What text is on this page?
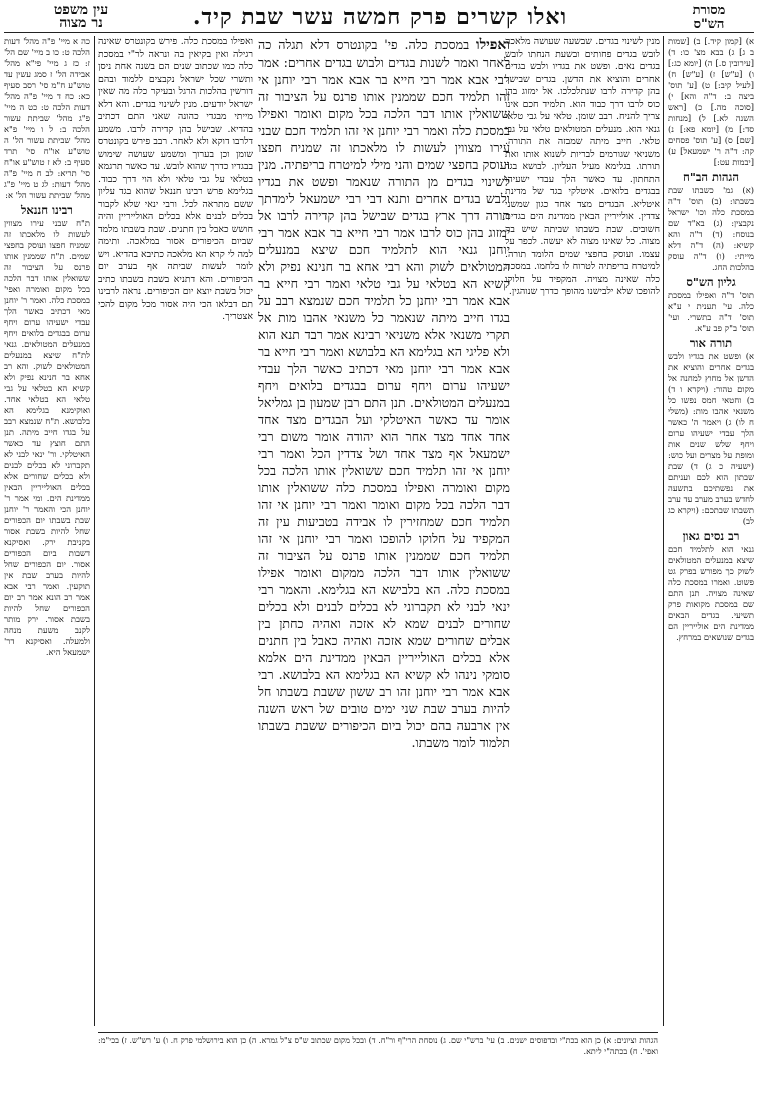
מסורת
הש"ס
ואלו קשרים פרק חמשה עשר שבת קיד.
עין משפט
נר מצוה

א) [קמון קיד.] ב) [שמות ב ג] ג) בבא מצ' כו: ד) [עירובין ס.] ה) [יומא כג:] ו) [ע"ש] ז) [ע"ש] ח) [לעיל קיב:] ט) [ע' תוס' ביצה ב: ד"ה והא] י) [סוכה מה.] כ) [ראש השנה לא.] ל) [מנחות סד:] מ) [יומא פא:] נ) [שם] ס) [ע' תוס' פסחים קה: ד"ה ר' ישמעאל] ע) [יבמות עט:]

הגהות הב"ח

(א) גמ' כשבתו שבת בשבתו: (ב) תוס' ד"ה במסכת כלה וכו' ישראל נקבצין: (ג) בא"ד שם בנוסח: (ד) ד"ה והא קשיא: (ה) ד"ה דלא מייתי: (ו) ד"ה עוסק בהלכות החג.

גליון הש"ס

תוס' ד"ה ואפילו במסכת כלה. עי' תענית י ע"א תוס' ד"ה בתשרי. ועי' תוס' ב"ק פב ע"א.

תורה אור

א) ופשט את בגדיו ולבש בגדים אחרים והוציא את הדשן אל מחוץ למחנה אל מקום טהור: (ויקרא ו ד) ב) וחטאי חמס נפשו כל משנאי אהבו מות: (משלי ח לו) ג) ויאמר ה' כאשר הלך עבדי ישעיהו ערום ויחף שלש שנים אות ומופת על מצרים ועל כוש: (ישעיה כ ג) ד) שבת שבתון הוא לכם ועניתם את נפשתיכם בתשעה לחדש בערב מערב עד ערב תשבתו שבתכם: (ויקרא כג לב)

רב נסים גאון

גנאי הוא לתלמיד חכם שיצא במנעלים המטולאים לשוק כך מפורש בפרק גט פשוט. ואמרו במסכת כלה שאינה מצויה. תנן התם שם במסכת מקואות פרק תשיעי. בגדים הבאים ממדינת הים אולייריין הם בגדים שנושאים במרחץ.

מנין לשינוי בגדים. שבשעה שעושה מלאכה לובש בגדים פחותים ובשעת הנחתו לובש בגדים נאים. ופשט את בגדיו ולבש בגדים אחרים והוציא את הדשן. בגדים שבישל בהן קדירה לרבו שנתלכלכו. אל ימזוג בהן כוס לרבו דרך כבוד הוא. תלמיד חכם אינו צריך להניח. רבב שומן. טלאי על גבי טלאי גנאי הוא. מנעלים המטולאים טלאי על גבי טלאי. חייב מיתה שמבזה את התורה. משניאי שגורמים לבריות לשנוא אותו ואת תורתו. בגלימא מעיל העליון. לבושא בגד התחתון. עד כאשר הלך עבדי ישעיהו בבגדים בלואים. איטלקי בגד של מדינת איטליא. הבגדים מצד אחד כגון שמשני צדדין. אולייריין הבאין ממדינת הים בגדים חשובים. שבת בשבתו שביתה שיש בה מצוה. כל שאינו מצוה לא יעשה. לכפר על עצמו. ועוסק בחפצי שמים הלומד תורה. למיטרח בריפתיה לטרוח לו בלחמו. במסכת כלה שאינה מצויה. המקפיד על חלוקו להופכו שלא ילבישנו מהופך כדרך שנוהגין.

ואפילו במסכת כלה. פי' בקונטרס דלא תגלה כה לאחר ואמר לשנות בגדים ולבוש בגדים אחרים: אמר רבי אבא אמר רבי חייא בר אבא אמר רבי יוחנן אי זהו תלמיד חכם שממנין אותו פרנס על הציבור זה ששואלין אותו דבר הלכה בכל מקום ואומר ואפילו במסכת כלה ואמר רבי יוחנן אי זהו תלמיד חכם שבני עירו מצווין לעשות לו מלאכתו זה שמניח חפצו ועוסק בחפצי שמים והני מילי למיטרח בריפתיה. מנין לשינוי בגדים מן התורה שנאמר ופשט את בגדיו ולבש בגדים אחרים ותנא דבי רבי ישמעאל לימדתך תורה דרך ארץ בגדים שבישל בהן קדירה לרבו אל ימזוג בהן כוס לרבו אמר רבי חייא בר אבא אמר רבי יוחנן גנאי הוא לתלמיד חכם שיצא במנעלים המטולאים לשוק והא רבי אחא בר חנינא נפיק ולא קשיא הא בטלאי על גבי טלאי ואמר רבי חייא בר אבא אמר רבי יוחנן כל תלמיד חכם שנמצא רבב על בגדו חייב מיתה שנאמר כל משנאי אהבו מות אל תקרי משנאי אלא משניאי רבינא אמר רבד תנא הוא ולא פליגי הא בגלימא הא בלבושא ואמר רבי חייא בר אבא אמר רבי יוחנן מאי דכתיב כאשר הלך עבדי ישעיהו ערום ויחף ערום בבגדים בלואים ויחף במנעלים המטולאים. תנן התם רבן שמעון בן גמליאל אומר עד כאשר האיטלקי ועל הבגדים מצד אחד אחד אחד מצד אחר הוא יהודה אומר משום רבי ישמעאל אף מצד אחד ושל צדדין הכל ואמר רבי יוחנן אי זהו תלמיד חכם ששואלין אותו הלכה בכל מקום ואומרה ואפילו במסכת כלה ששואלין אותו דבר הלכה בכל מקום ואומר ואמר רבי יוחנן אי זהו תלמיד חכם שמחזירין לו אבידה בטביעות עין זה המקפיד על חלוקו להופכו ואמר רבי יוחנן אי זהו תלמיד חכם שממנין אותו פרנס על הציבור זה ששואלין אותו דבר הלכה ממקום ואומר אפילו במסכת כלה. הא בלבישא הא בגלימא. והאמר רבי ינאי לבני לא תקברוני לא בכלים לבנים ולא בכלים שחורים לבנים שמא לא אזכה ואהיה כחתן בין אבלים שחורים שמא אזכה ואהיה כאבל בין חתנים אלא בכלים האולייריין הבאין ממדינת הים אלמא סומקי נינהו לא קשיא הא בגלימא הא בלבושא. רבי אבא אמר רבי יוחנן זהו רב ששון ששבת בשבתו חל להיות בערב שבת שני ימים טובים של ראש השנה אין ארבעה בהם יכול ביום הכיפורים ששבת בשבתו תלמוד לומר משבתו.

ואפילו במסכת כלה. פירש בקונטרס שאינה רגילה ואין בקיאין בה ונראה לר"י במסכת כלה כמו שכתוב שנים הם בשנה אחת ניסן ותשרי שכל ישראל נקבצים ללמוד ובהם דורשין בהלכות הרגל ובעיקר כלה מה שאין ישראל יודעים. מנין לשינוי בגדים. והא דלא מייתי מבגדי כהונה שאני התם דכתיב בהדיא. שבישל בהן קדירה לרבו. משמע דלרבו דוקא ולא לאחר. רבב פירש בקונטרס שומן וכן בערוך ומשמע שעושה שימוש בבגדיו כדרך שהוא לובש. עד כאשר תרגמא בטלאי על גבי טלאי ולא הוי דרך כבוד. בגלימא פרש רבינו חננאל שהוא בגד עליון ששם מתראה לכל. ורבי ינאי שלא לקבור בכלים לבנים אלא בכלים האולייריין והיה חושש כאבל בין חתנים. שבת בשבתו מלמד שביום הכיפורים אסור במלאכה. ותימה למה לי קרא הא מלאכה כתיבא בהדיא. ויש לומר לעשות שביתה אף בערב יום הכיפורים. והא דתניא בשבת בשבתו כתיב יכול בשבת יוצא יום הכיפורים. נראה לרבינו תם דבלאו הכי היה אסור מכל מקום להכי אצטריך.

כה א מיי' פ"ה מהל' דעות הלכה ט: כו ב מיי' שם הל' ז: כז ג מיי' פי"א מהל' אבידה הל' ז סמג עשין עד טוש"ע ח"מ סי' רסב סעיף כא: כח ד מיי' פ"ה מהל' דעות הלכה ט: כט ה מיי' פ"ג מהל' שביתת עשור הלכה ב: ל ו מיי' פ"א מהל' שביתת עשור הל' ה טוש"ע או"ח סי' תרד סעיף ב: לא ז טוש"ע או"ח סי' תריא: לב ח מיי' פ"ה מהל' דעות: לג ט מיי' פ"ג מהל' שביתת עשור הל' א:

רבינו חננאל

ת"ח שבני עירו מצווין לעשות לו מלאכתו זה שמניח חפצו ועוסק בחפצי שמים. ת"ח שממנין אותו פרנס על הציבור זה ששואלין אותו דבר הלכה בכל מקום ואומרה ואפי' במסכת כלה. ואמר ר' יוחנן מאי דכתיב כאשר הלך עבדי ישעיהו ערום ויחף ערום בבגדים בלואים ויחף במנעלים המטולאים. גנאי לת"ח שיצא במנעלים המטולאים לשוק. והא רב אחא בר חנינא נפיק ולא קשיא הא בטלאי על גבי טלאי הא בטלאי אחד. ואוקימנא בגלימא הא בלבושא. ת"ח שנמצא רבב על בגדו חייב מיתה. תנן התם חוצץ עד כאשר האיטלקי. ור' ינאי לבני לא תקברוני לא בכלים לבנים ולא בכלים שחורים אלא בכלים האולייריין הבאין ממדינת הים. ומי אמר ר' יוחנן הכי והאמר ר' יוחנן שבת בשבתו יום הכפורים שחל להיות בשבת אסור בקניבת ירק. ואסיקנא דשבות ביום הכפורים אסור. יום הכפורים שחל להיות בערב שבת אין תוקעין. ואמר רבי אבא אמר רב הונא אמר רב יום הכפורים שחל להיות בשבת אסור. ירק מותר לקנב משעת מנחה ולמעלה. ואסיקנא דר' ישמעאל היא.

הגהות וציונים: א) כן הוא בכת"י ובדפוסים ישנים. ב) עי' ברש"י שם. ג) נוסחת הרי"ף ור"ח. ד) ובכל מקום שכתוב ש"ס צ"ל גמרא. ה) כן הוא בירושלמי פרק ח. ו) ע' רש"ש. ז) בכי"מ: ואפי'. ח) בכתה"י ליתא.
